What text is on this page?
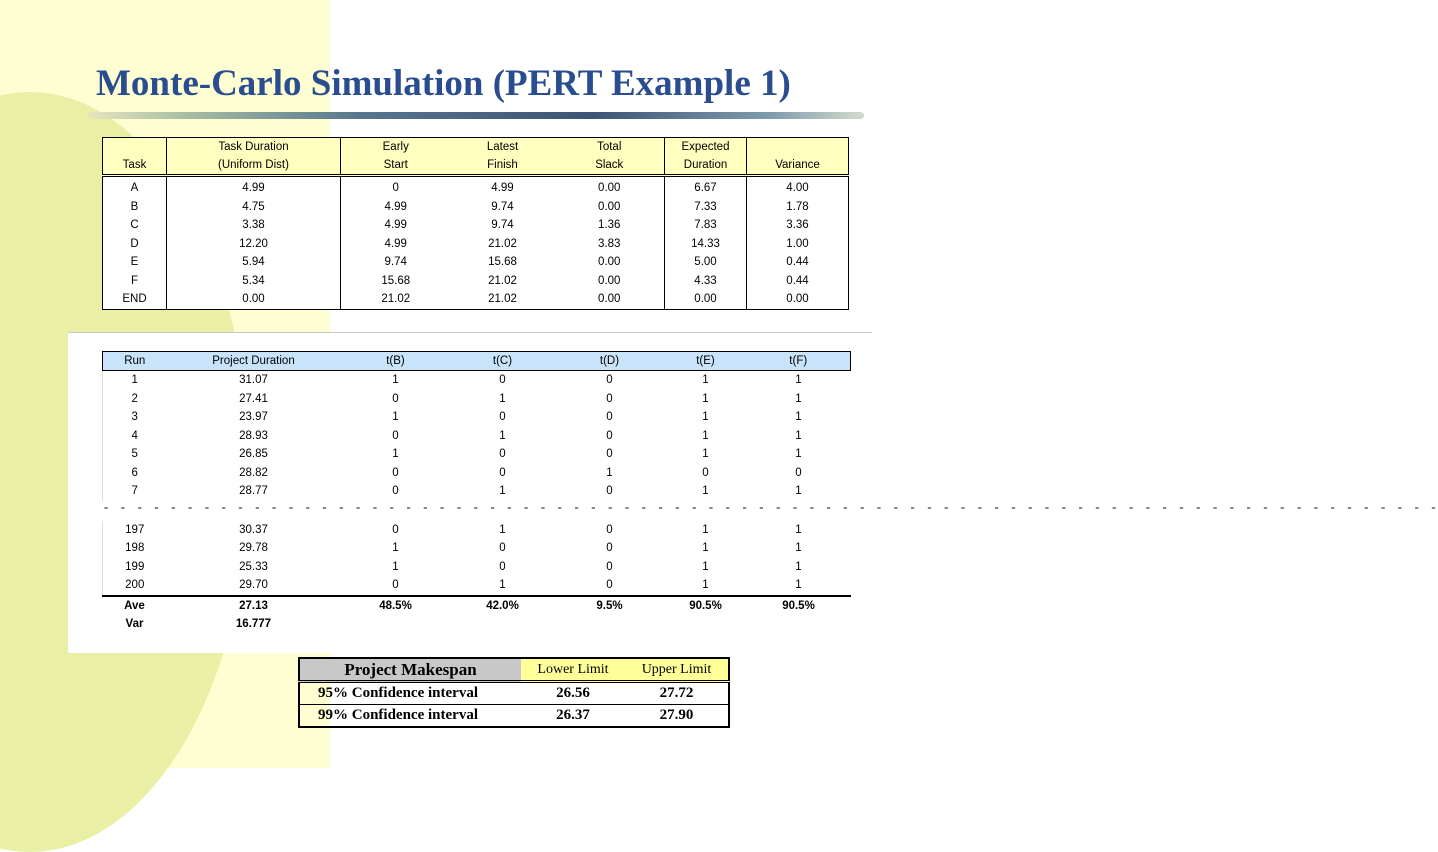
Monte-Carlo Simulation (PERT Example 1)
	Task Duration	Early	Latest	Total	Expected	
Task	(Uniform Dist)	Start	Finish	Slack	Duration	Variance
A	4.99	0	4.99	0.00	6.67	4.00
B	4.75	4.99	9.74	0.00	7.33	1.78
C	3.38	4.99	9.74	1.36	7.83	3.36
D	12.20	4.99	21.02	3.83	14.33	1.00
E	5.94	9.74	15.68	0.00	5.00	0.44
F	5.34	15.68	21.02	0.00	4.33	0.44
END	0.00	21.02	21.02	0.00	0.00	0.00
Run	Project Duration	t(B)	t(C)	t(D)	t(E)	t(F)
1	31.07	1	0	0	1	1
2	27.41	0	1	0	1	1
3	23.97	1	0	0	1	1
4	28.93	0	1	0	1	1
5	26.85	1	0	0	1	1
6	28.82	0	0	1	0	0
7	28.77	0	1	0	1	1

- - - - - - - - - - - - - - - - - - - - - - - - - - - - - - - - - - - - - - - - - - - - - - - - - - - - - - - - - - - - - - - - - - - - - - - - - - - - - - - -						

197	30.37	0	1	0	1	1
198	29.78	1	0	0	1	1
199	25.33	1	0	0	1	1
200	29.70	0	1	0	1	1
Ave	27.13	48.5%	42.0%	9.5%	90.5%	90.5%
Var	16.777					
Project Makespan	Lower Limit	Upper Limit
95% Confidence interval	26.56	27.72
99% Confidence interval	26.37	27.90
